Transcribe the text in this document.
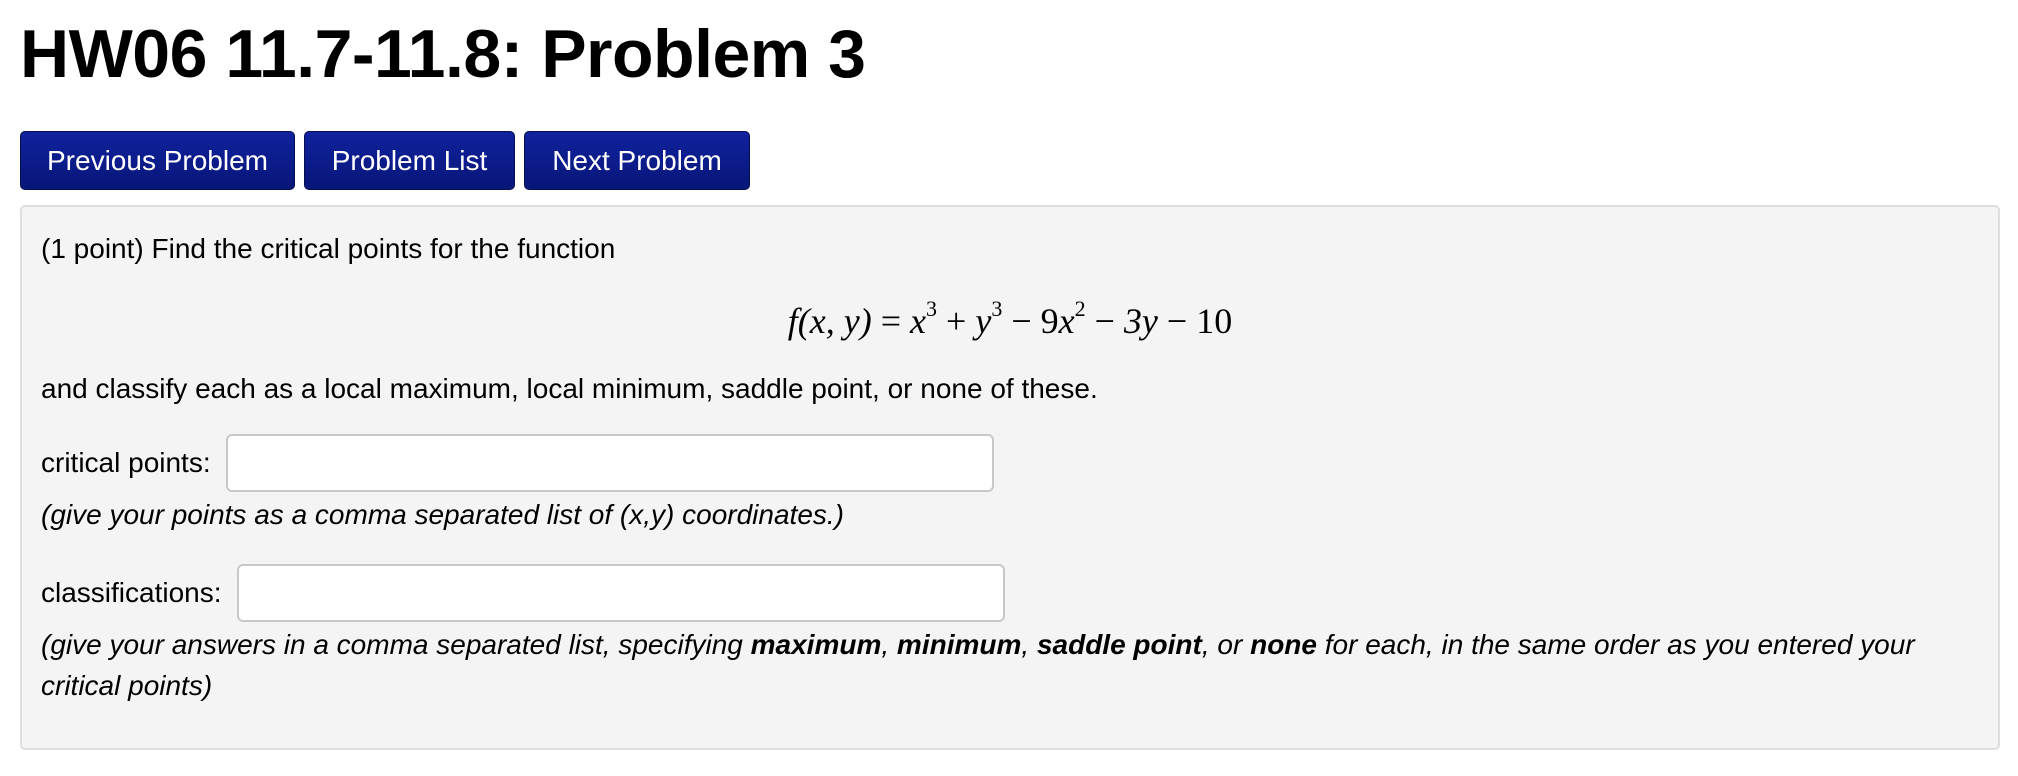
HW06 11.7-11.8: Problem 3
Previous Problem	Problem List	Next Problem
(1 point) Find the critical points for the function
f(x, $y) = x^3 + y^3 - 9x^2 - 3y - 10$
and classify each as a local maximum, local minimum, saddle point, or none of these.
critical points:
(give your points as a comma separated list of (x,y) coordinates.)
classifications:
(give your answers in a comma separated list, specifying maximum, minimum, saddle point, or none for each, in the same order as you entered your critical points)
